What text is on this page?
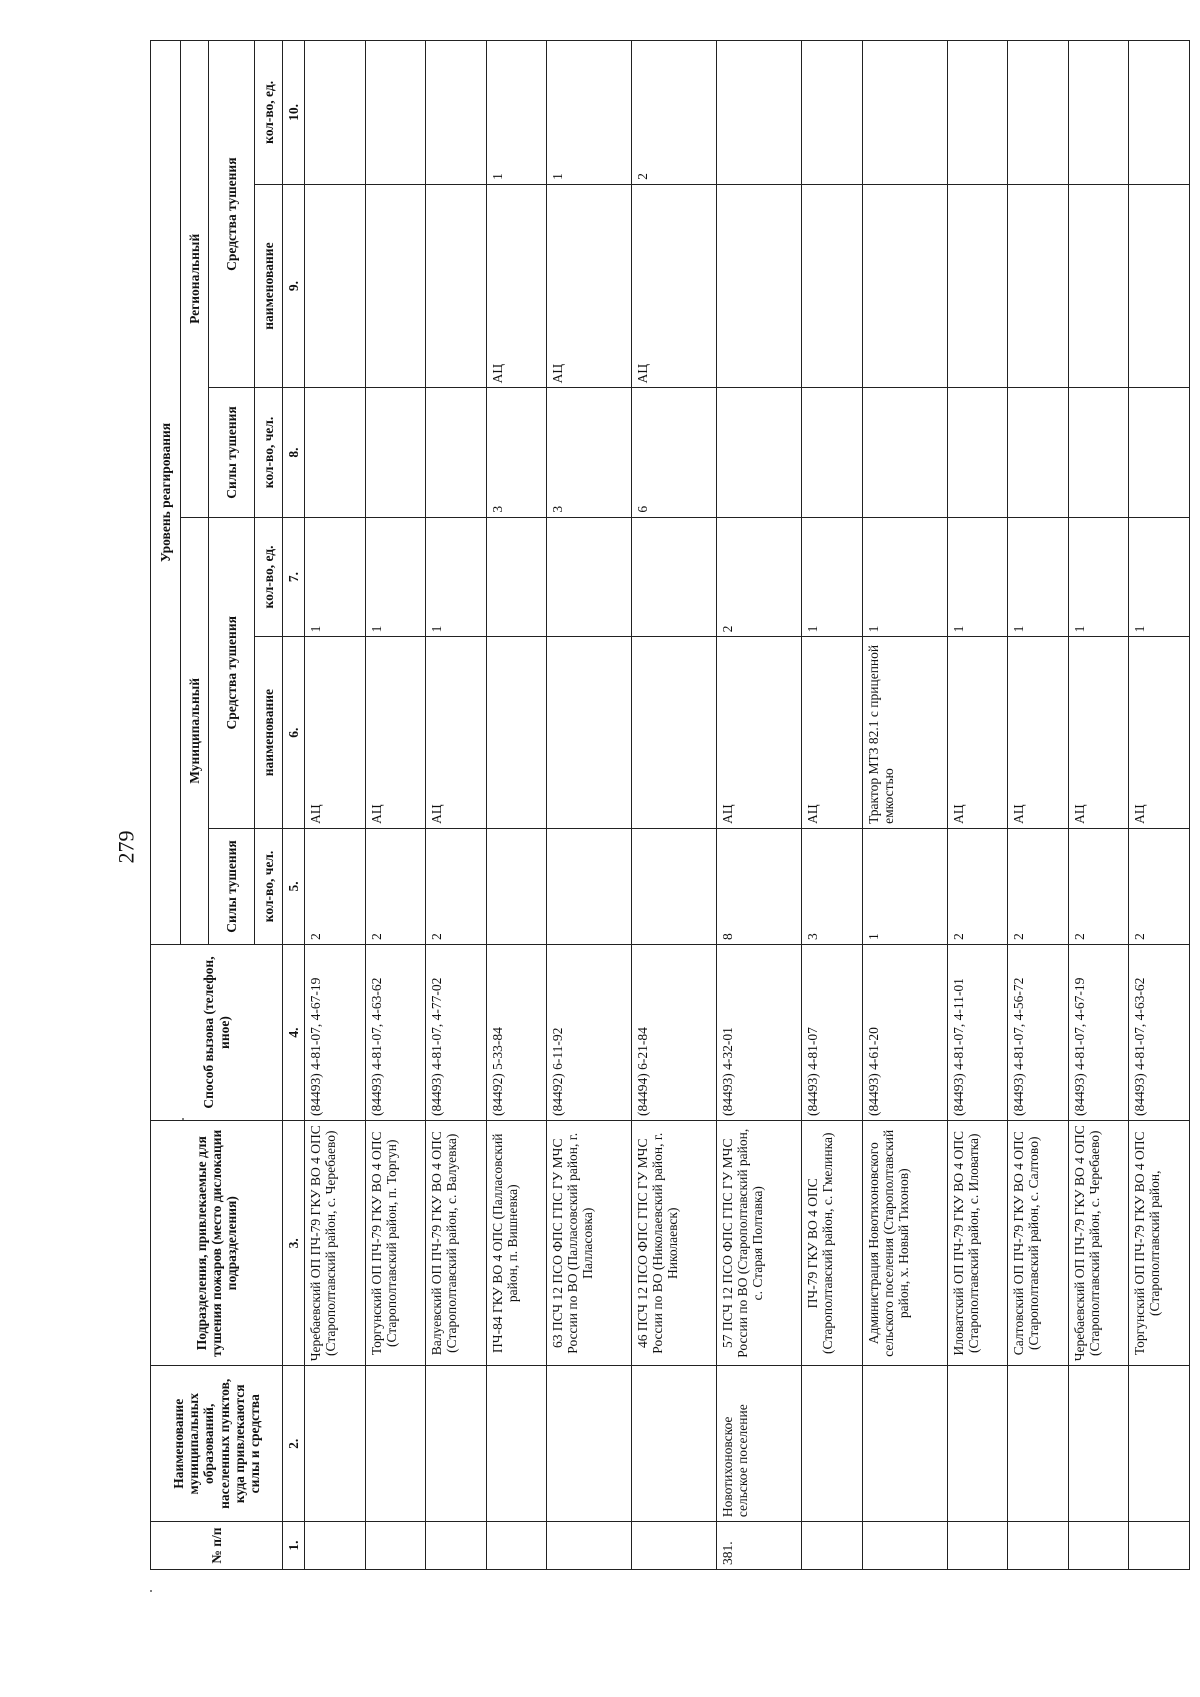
279
№ п/п	Наименование муниципальных образований, населенных пунктов, куда привлекаются силы и средства	Подразделения, привлекаемые для тушения пожаров (место дислокации подразделения)	Способ вызова (телефон, иное)	Уровень реагирования					
				Муниципальный			Региональный		
				Силы тушения	Средства тушения		Силы тушения	Средства тушения	
				кол-во, чел.	наименование	кол-во, ед.	кол-во, чел.	наименование	кол-во, ед.
1.	2.	3.	4.	5.	6.	7.	8.	9.	10.
		Черебаевский ОП ПЧ-79 ГКУ ВО 4 ОПС (Старополтавский район, с. Черебаево)	(84493) 4-81-07, 4-67-19	2	АЦ	1			
		Торгунский ОП ПЧ-79 ГКУ ВО 4 ОПС (Старополтавский район, п. Торгун)	(84493) 4-81-07, 4-63-62	2	АЦ	1			
		Валуевский ОП ПЧ-79 ГКУ ВО 4 ОПС (Старополтавский район, с. Валуевка)	(84493) 4-81-07, 4-77-02	2	АЦ	1			
		ПЧ-84 ГКУ ВО 4 ОПС (Палласовский район, п. Вишневка)	(84492) 5-33-84				3	АЦ	1
		63 ПСЧ 12 ПСО ФПС ГПС ГУ МЧС России по ВО (Палласовский район, г. Палласовка)	(84492) 6-11-92				3	АЦ	1
		46 ПСЧ 12 ПСО ФПС ГПС ГУ МЧС России по ВО (Николаевский район, г. Николаевск)	(84494) 6-21-84				6	АЦ	2
381.	Новотихоновское сельское поселение	57 ПСЧ 12 ПСО ФПС ГПС ГУ МЧС России по ВО (Старополтавский район, с. Старая Полтавка)	(84493) 4-32-01	8	АЦ	2			
		ПЧ-79 ГКУ ВО 4 ОПС (Старополтавский район, с. Гмелинка)	(84493) 4-81-07	3	АЦ	1			
		Администрация Новотихоновского сельского поселения (Старополтавский район, х. Новый Тихонов)	(84493) 4-61-20	1	Трактор МТЗ 82.1 с прицепной емкостью	1			
		Иловатский ОП ПЧ-79 ГКУ ВО 4 ОПС (Старополтавский район, с. Иловатка)	(84493) 4-81-07, 4-11-01	2	АЦ	1			
		Салтовский ОП ПЧ-79 ГКУ ВО 4 ОПС (Старополтавский район, с. Салтово)	(84493) 4-81-07, 4-56-72	2	АЦ	1			
		Черебаевский ОП ПЧ-79 ГКУ ВО 4 ОПС (Старополтавский район, с. Черебаево)	(84493) 4-81-07, 4-67-19	2	АЦ	1			
		Торгунский ОП ПЧ-79 ГКУ ВО 4 ОПС (Старополтавский район,	(84493) 4-81-07, 4-63-62	2	АЦ	1			
